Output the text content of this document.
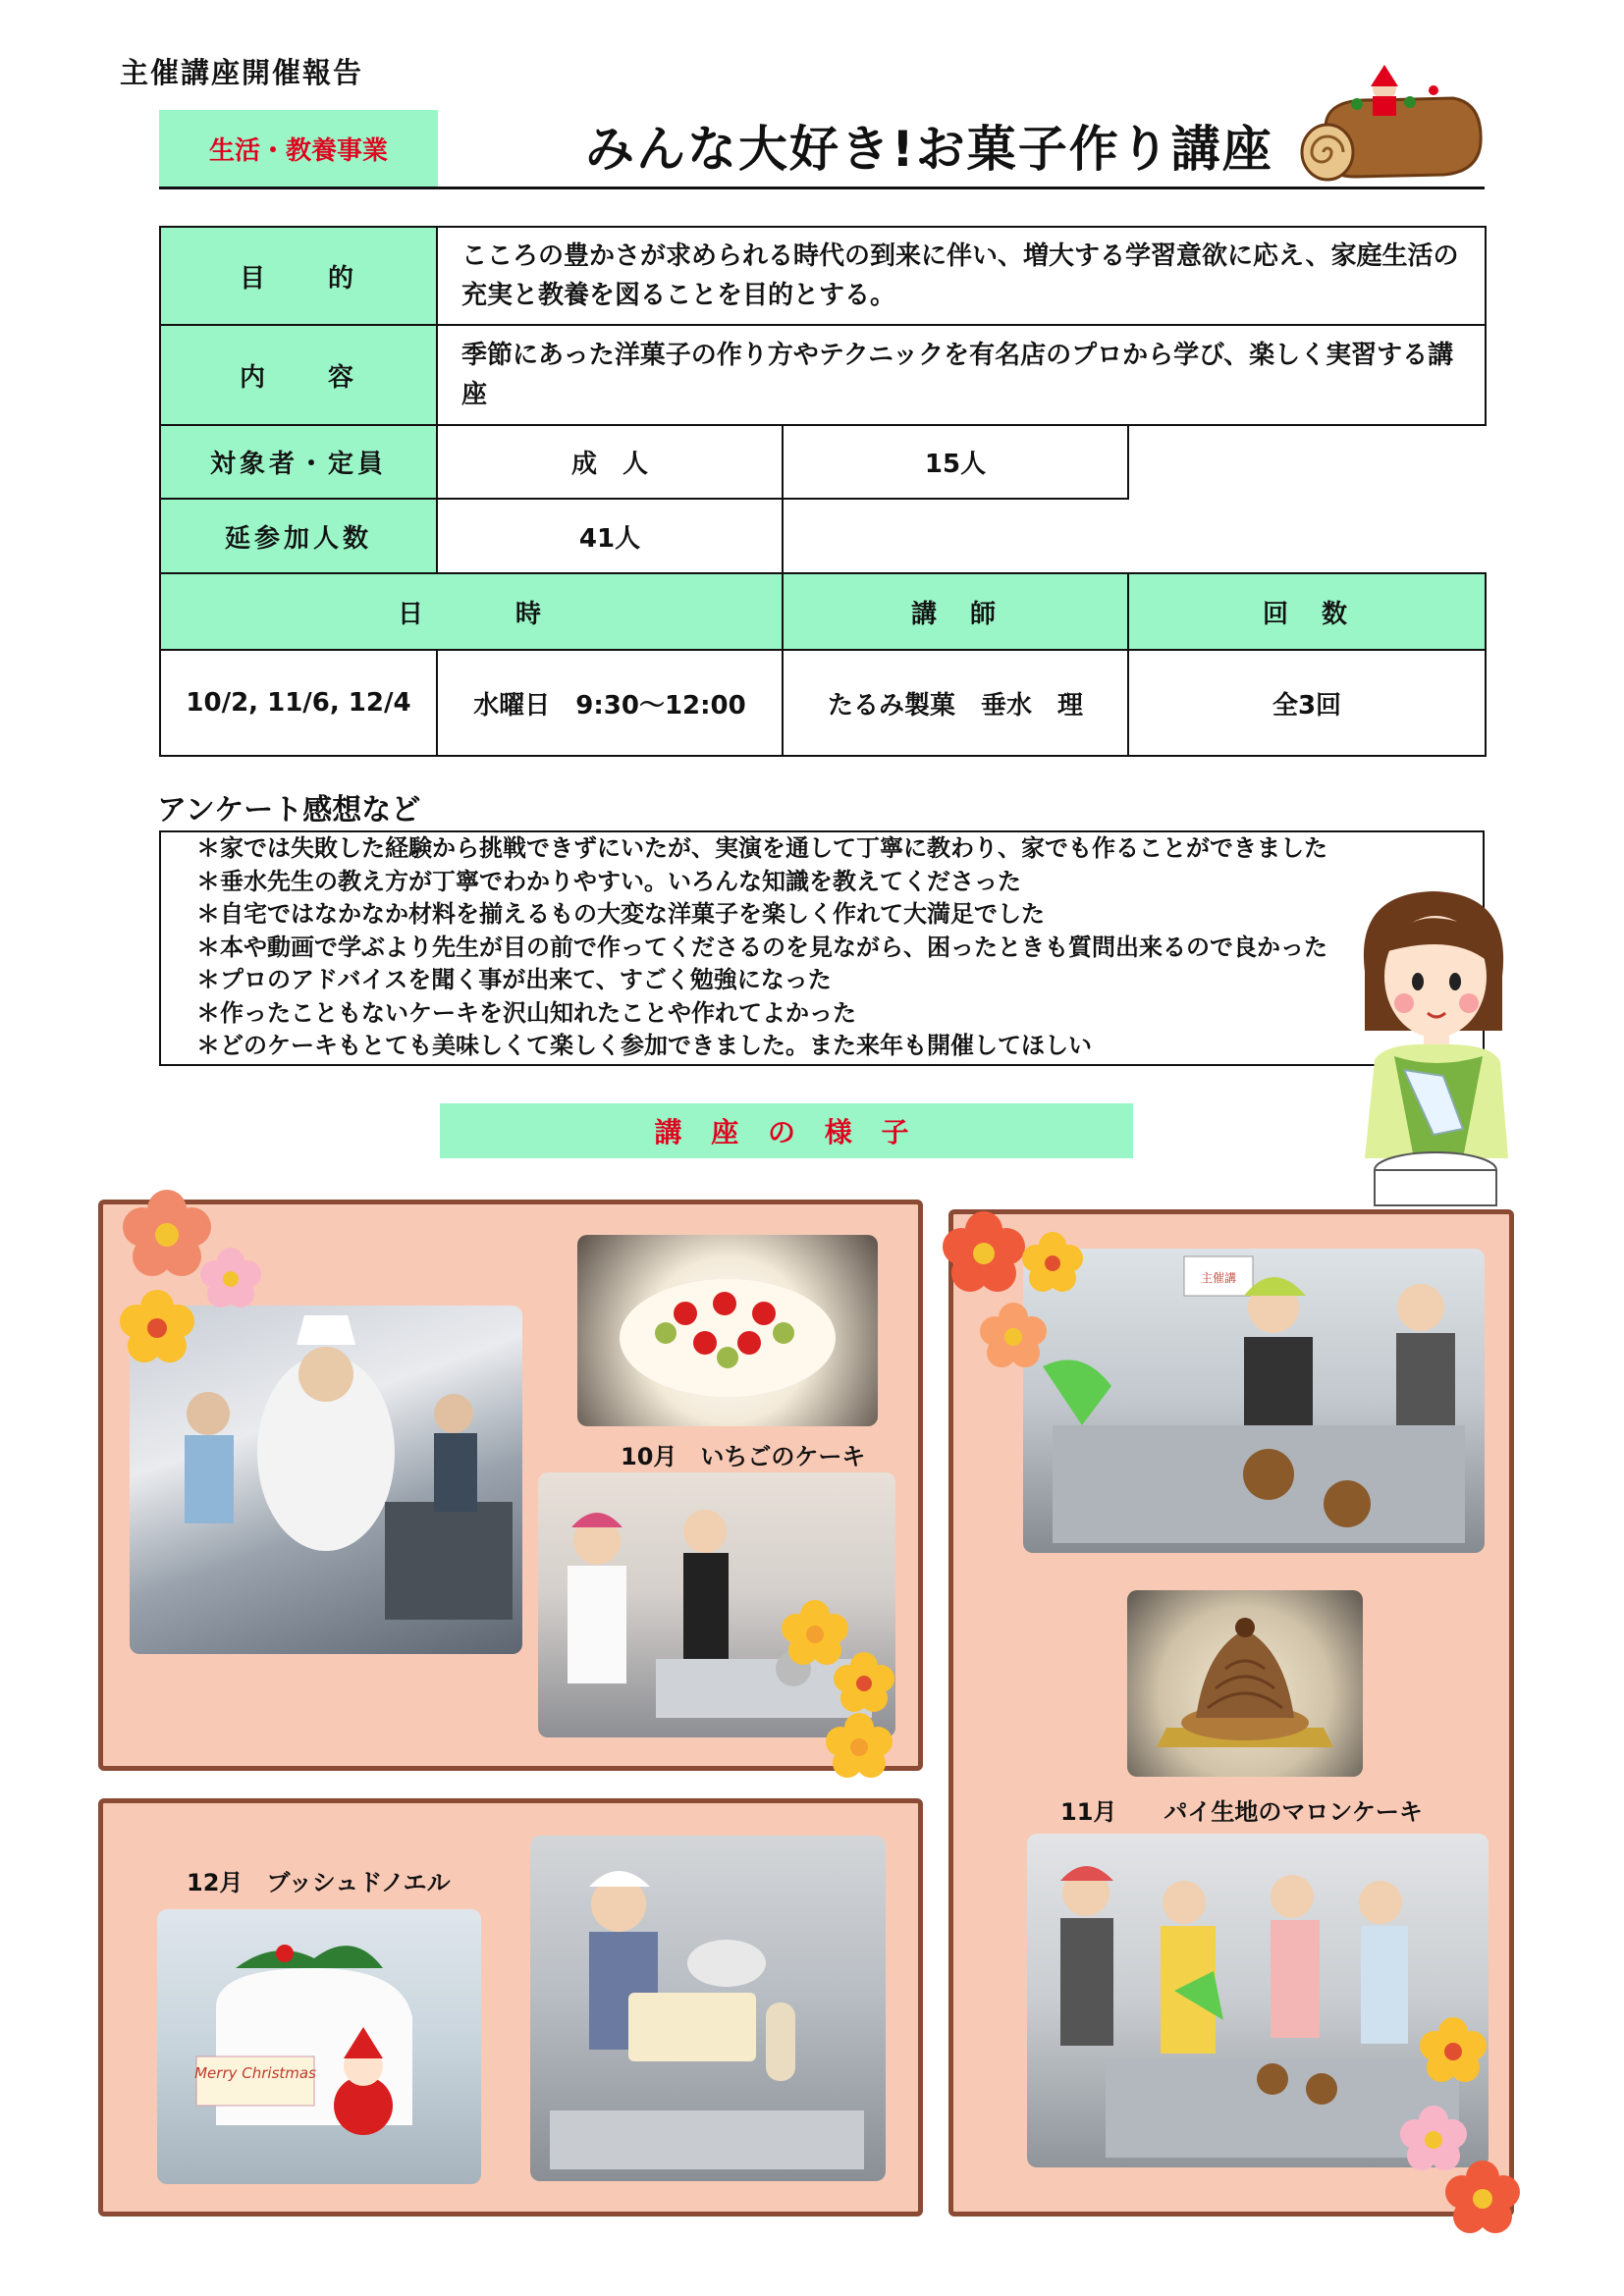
主催講座開催報告
生活・教養事業	みんな大好き!お菓子作り講座
目　　的	こころの豊かさが求められる時代の到来に伴い、増大する学習意欲に応え、家庭生活の充実と教養を図ることを目的とする。		
内　　容	季節にあった洋菓子の作り方やテクニックを有名店のプロから学び、楽しく実習する講座		
対象者・定員	成　人	15人	
延参加人数	41人		
日　　　時		講　師	回　数
10/2, 11/6, 12/4	水曜日　9:30〜12:00	たるみ製菓　垂水　理	全3回
アンケート感想など
＊家では失敗した経験から挑戦できずにいたが、実演を通して丁寧に教わり、家でも作ることができました
＊垂水先生の教え方が丁寧でわかりやすい。いろんな知識を教えてくださった
＊自宅ではなかなか材料を揃えるもの大変な洋菓子を楽しく作れて大満足でした
＊本や動画で学ぶより先生が目の前で作ってくださるのを見ながら、困ったときも質問出来るので良かった
＊プロのアドバイスを聞く事が出来て、すごく勉強になった
＊作ったこともないケーキを沢山知れたことや作れてよかった
＊どのケーキもとても美味しくて楽しく参加できました。また来年も開催してほしい
講 座 の 様 子
10月　いちごのケーキ
12月　ブッシュドノエル
Merry Christmas
主催講
11月　　パイ生地のマロンケーキ
